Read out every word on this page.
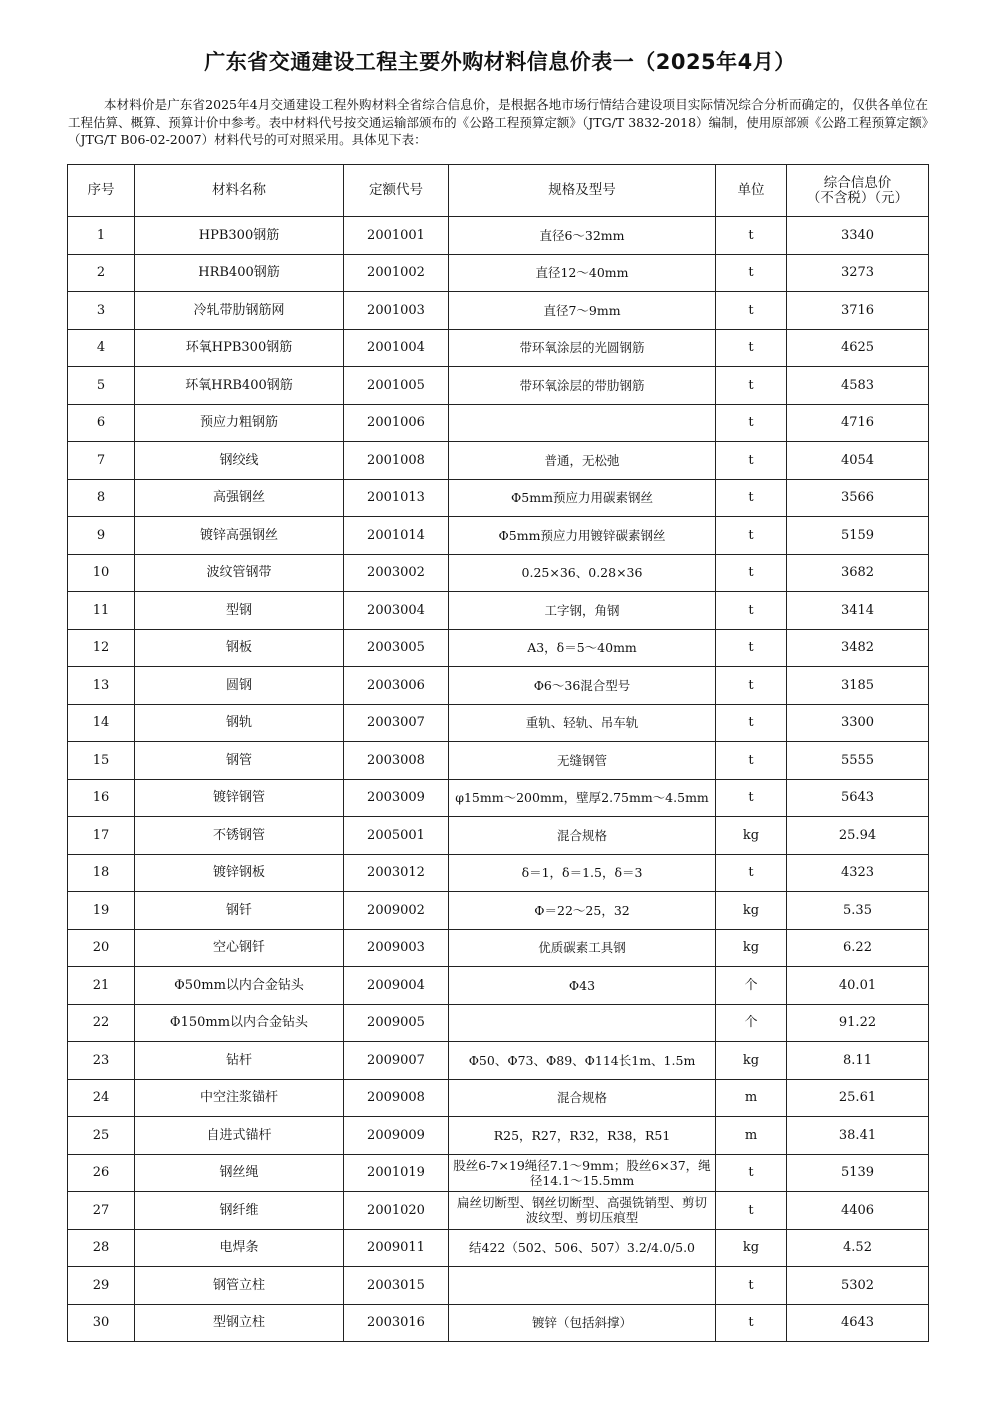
广东省交通建设工程主要外购材料信息价表一（2025年4月）
本材料价是广东省2025年4月交通建设工程外购材料全省综合信息价，是根据各地市场行情结合建设项目实际情况综合分析而确定的，仅供各单位在工程估算、概算、预算计价中参考。表中材料代号按交通运输部颁布的《公路工程预算定额》（JTG/T 3832-2018）编制，使用原部颁《公路工程预算定额》（JTG/T B06-02-2007）材料代号的可对照采用。具体见下表：
序号	材料名称	定额代号	规格及型号	单位	综合信息价
（不含税）（元）

1	HPB300钢筋	2001001	直径6～32mm	t	3340
2	HRB400钢筋	2001002	直径12～40mm	t	3273
3	冷轧带肋钢筋网	2001003	直径7～9mm	t	3716
4	环氧HPB300钢筋	2001004	带环氧涂层的光圆钢筋	t	4625
5	环氧HRB400钢筋	2001005	带环氧涂层的带肋钢筋	t	4583
6	预应力粗钢筋	2001006		t	4716
7	钢绞线	2001008	普通，无松弛	t	4054
8	高强钢丝	2001013	Φ5mm预应力用碳素钢丝	t	3566
9	镀锌高强钢丝	2001014	Φ5mm预应力用镀锌碳素钢丝	t	5159
10	波纹管钢带	2003002	0.25×36、0.28×36	t	3682
11	型钢	2003004	工字钢，角钢	t	3414
12	钢板	2003005	A3，δ＝5～40mm	t	3482
13	圆钢	2003006	Φ6～36混合型号	t	3185
14	钢轨	2003007	重轨、轻轨、吊车轨	t	3300
15	钢管	2003008	无缝钢管	t	5555
16	镀锌钢管	2003009	φ15mm～200mm，壁厚2.75mm～4.5mm	t	5643
17	不锈钢管	2005001	混合规格	kg	25.94
18	镀锌钢板	2003012	δ＝1，δ＝1.5，δ＝3	t	4323
19	钢钎	2009002	Φ＝22～25，32	kg	5.35
20	空心钢钎	2009003	优质碳素工具钢	kg	6.22
21	Φ50mm以内合金钻头	2009004	Φ43	个	40.01
22	Φ150mm以内合金钻头	2009005		个	91.22
23	钻杆	2009007	Φ50、Φ73、Φ89、Φ114长1m、1.5m	kg	8.11
24	中空注浆锚杆	2009008	混合规格	m	25.61
25	自进式锚杆	2009009	R25，R27，R32，R38，R51	m	38.41
26	钢丝绳	2001019	股丝6-7×19绳径7.1～9mm；股丝6×37，绳径14.1～15.5mm	t	5139
27	钢纤维	2001020	扁丝切断型、钢丝切断型、高强铣销型、剪切波纹型、剪切压痕型	t	4406
28	电焊条	2009011	结422（502、506、507）3.2/4.0/5.0	kg	4.52
29	钢管立柱	2003015		t	5302
30	型钢立柱	2003016	镀锌（包括斜撑）	t	4643
